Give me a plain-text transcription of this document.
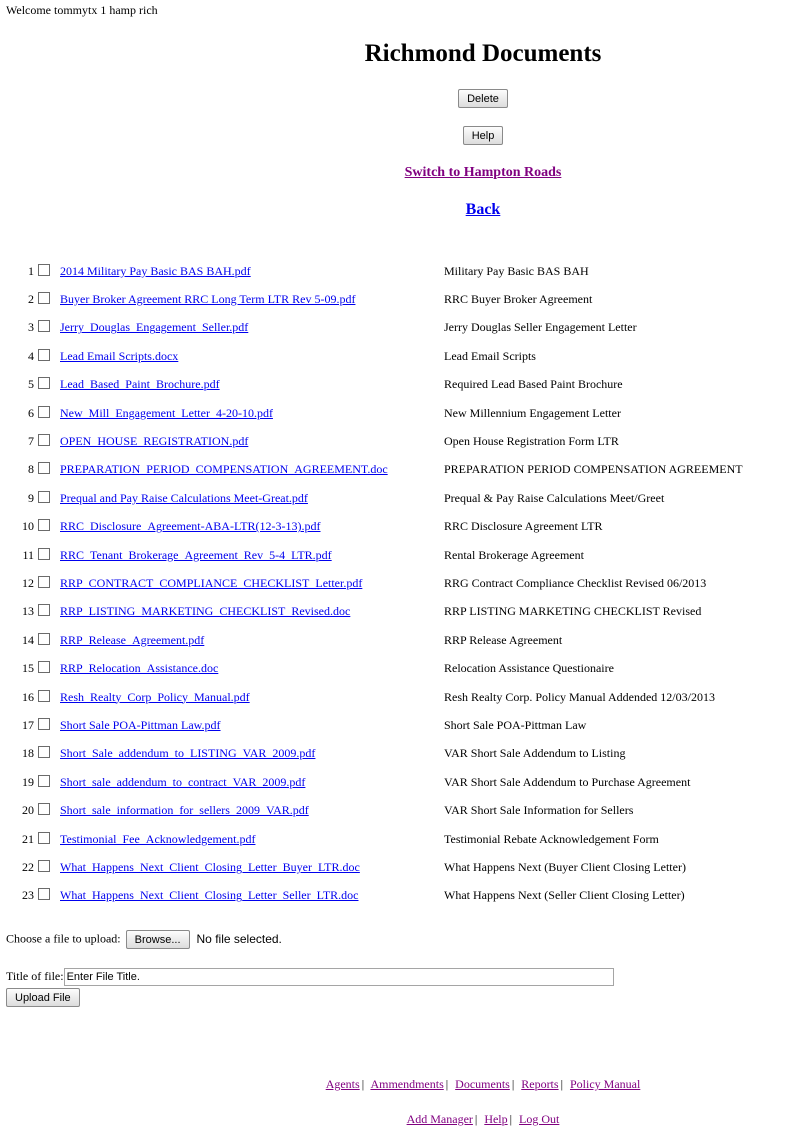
Welcome tommytx 1 hamp rich
Richmond Documents
Delete
Help
Switch to Hampton Roads
Back
1		2014 Military Pay Basic BAS BAH.pdf	Military Pay Basic BAS BAH
2		Buyer Broker Agreement RRC Long Term LTR Rev 5-09.pdf	RRC Buyer Broker Agreement
3		Jerry_Douglas_Engagement_Seller.pdf	Jerry Douglas Seller Engagement Letter
4		Lead Email Scripts.docx	Lead Email Scripts
5		Lead_Based_Paint_Brochure.pdf	Required Lead Based Paint Brochure
6		New_Mill_Engagement_Letter_4-20-10.pdf	New Millennium Engagement Letter
7		OPEN_HOUSE_REGISTRATION.pdf	Open House Registration Form LTR
8		PREPARATION_PERIOD_COMPENSATION_AGREEMENT.doc	PREPARATION PERIOD COMPENSATION AGREEMENT
9		Prequal and Pay Raise Calculations Meet-Great.pdf	Prequal & Pay Raise Calculations Meet/Greet
10		RRC_Disclosure_Agreement-ABA-LTR(12-3-13).pdf	RRC Disclosure Agreement LTR
11		RRC_Tenant_Brokerage_Agreement_Rev_5-4_LTR.pdf	Rental Brokerage Agreement
12		RRP_CONTRACT_COMPLIANCE_CHECKLIST_Letter.pdf	RRG Contract Compliance Checklist Revised 06/2013
13		RRP_LISTING_MARKETING_CHECKLIST_Revised.doc	RRP LISTING MARKETING CHECKLIST Revised
14		RRP_Release_Agreement.pdf	RRP Release Agreement
15		RRP_Relocation_Assistance.doc	Relocation Assistance Questionaire
16		Resh_Realty_Corp_Policy_Manual.pdf	Resh Realty Corp. Policy Manual Addended 12/03/2013
17		Short Sale POA-Pittman Law.pdf	Short Sale POA-Pittman Law
18		Short_Sale_addendum_to_LISTING_VAR_2009.pdf	VAR Short Sale Addendum to Listing
19		Short_sale_addendum_to_contract_VAR_2009.pdf	VAR Short Sale Addendum to Purchase Agreement
20		Short_sale_information_for_sellers_2009_VAR.pdf	VAR Short Sale Information for Sellers
21		Testimonial_Fee_Acknowledgement.pdf	Testimonial Rebate Acknowledgement Form
22		What_Happens_Next_Client_Closing_Letter_Buyer_LTR.doc	What Happens Next (Buyer Client Closing Letter)
23		What_Happens_Next_Client_Closing_Letter_Seller_LTR.doc	What Happens Next (Seller Client Closing Letter)
Choose a file to upload: Browse... No file selected.
Title of file:Enter File Title.
Upload File
Agents | Ammendments | Documents | Reports | Policy Manual
Add Manager | Help | Log Out
